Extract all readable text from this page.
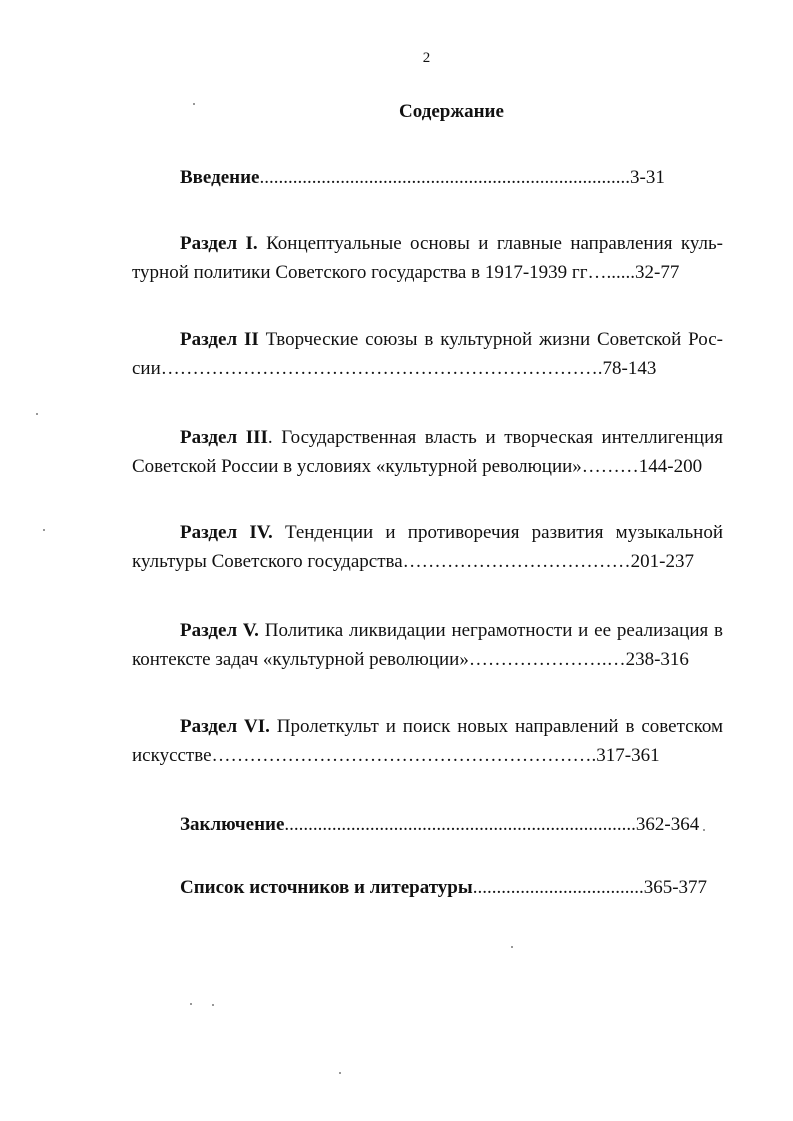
2
Содержание
Введение..............................................................................3-31
Раздел I. Концептуальные основы и главные направления куль-
турной политики Советского государства в 1917-1939 гг…......32-77
Раздел II Творческие союзы в культурной жизни Советской Рос-
сии…………………………………………………………….78-143
Раздел III. Государственная власть и творческая интеллигенция
Советской России в условиях «культурной революции»………144-200
Раздел IV. Тенденции и противоречия развития музыкальной
культуры Советского государства………………………………201-237
Раздел V. Политика ликвидации неграмотности и ее реализация в
контексте задач «культурной революции»………………….…238-316
Раздел VI. Пролеткульт и поиск новых направлений в советском
искусстве…………………………………………………….317-361
Заключение..........................................................................362-364
Список источников и литературы....................................365-377
